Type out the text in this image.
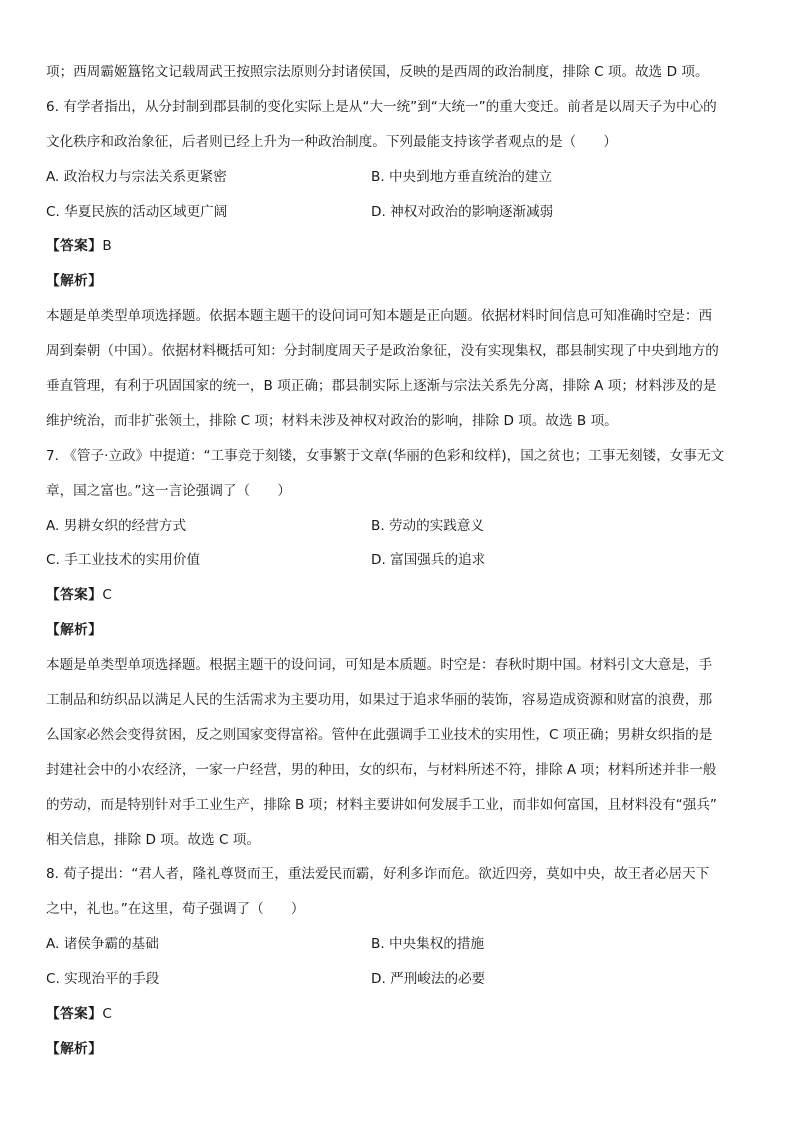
项；西周霸姬簋铭文记载周武王按照宗法原则分封诸侯国，反映的是西周的政治制度，排除 C 项。故选 D 项。
6. 有学者指出，从分封制到郡县制的变化实际上是从“大一统”到“大统一”的重大变迁。前者是以周天子为中心的
文化秩序和政治象征，后者则已经上升为一种政治制度。下列最能支持该学者观点的是（　　）
A. 政治权力与宗法关系更紧密	B. 中央到地方垂直统治的建立
C. 华夏民族的活动区域更广阔	D. 神权对政治的影响逐渐减弱
【答案】B
【解析】
本题是单类型单项选择题。依据本题主题干的设问词可知本题是正向题。依据材料时间信息可知准确时空是：西
周到秦朝（中国）。依据材料概括可知：分封制度周天子是政治象征，没有实现集权，郡县制实现了中央到地方的
垂直管理，有利于巩固国家的统一，B 项正确；郡县制实际上逐渐与宗法关系先分离，排除 A 项；材料涉及的是
维护统治，而非扩张领土，排除 C 项；材料未涉及神权对政治的影响，排除 D 项。故选 B 项。
7. 《管子·立政》中提道：“工事竞于刻镂，女事繁于文章(华丽的色彩和纹样)，国之贫也；工事无刻镂，女事无文
章，国之富也。”这一言论强调了（　　）
A. 男耕女织的经营方式	B. 劳动的实践意义
C. 手工业技术的实用价值	D. 富国强兵的追求
【答案】C
【解析】
本题是单类型单项选择题。根据主题干的设问词，可知是本质题。时空是：春秋时期中国。材料引文大意是，手
工制品和纺织品以满足人民的生活需求为主要功用，如果过于追求华丽的装饰，容易造成资源和财富的浪费，那
么国家必然会变得贫困，反之则国家变得富裕。管仲在此强调手工业技术的实用性，C 项正确；男耕女织指的是
封建社会中的小农经济，一家一户经营，男的种田，女的织布，与材料所述不符，排除 A 项；材料所述并非一般
的劳动，而是特别针对手工业生产，排除 B 项；材料主要讲如何发展手工业，而非如何富国，且材料没有“强兵”
相关信息，排除 D 项。故选 C 项。
8. 荀子提出：“君人者，隆礼尊贤而王，重法爱民而霸，好利多诈而危。欲近四旁，莫如中央，故王者必居天下
之中，礼也。”在这里，荀子强调了（　　）
A. 诸侯争霸的基础	B. 中央集权的措施
C. 实现治平的手段	D. 严刑峻法的必要
【答案】C
【解析】
